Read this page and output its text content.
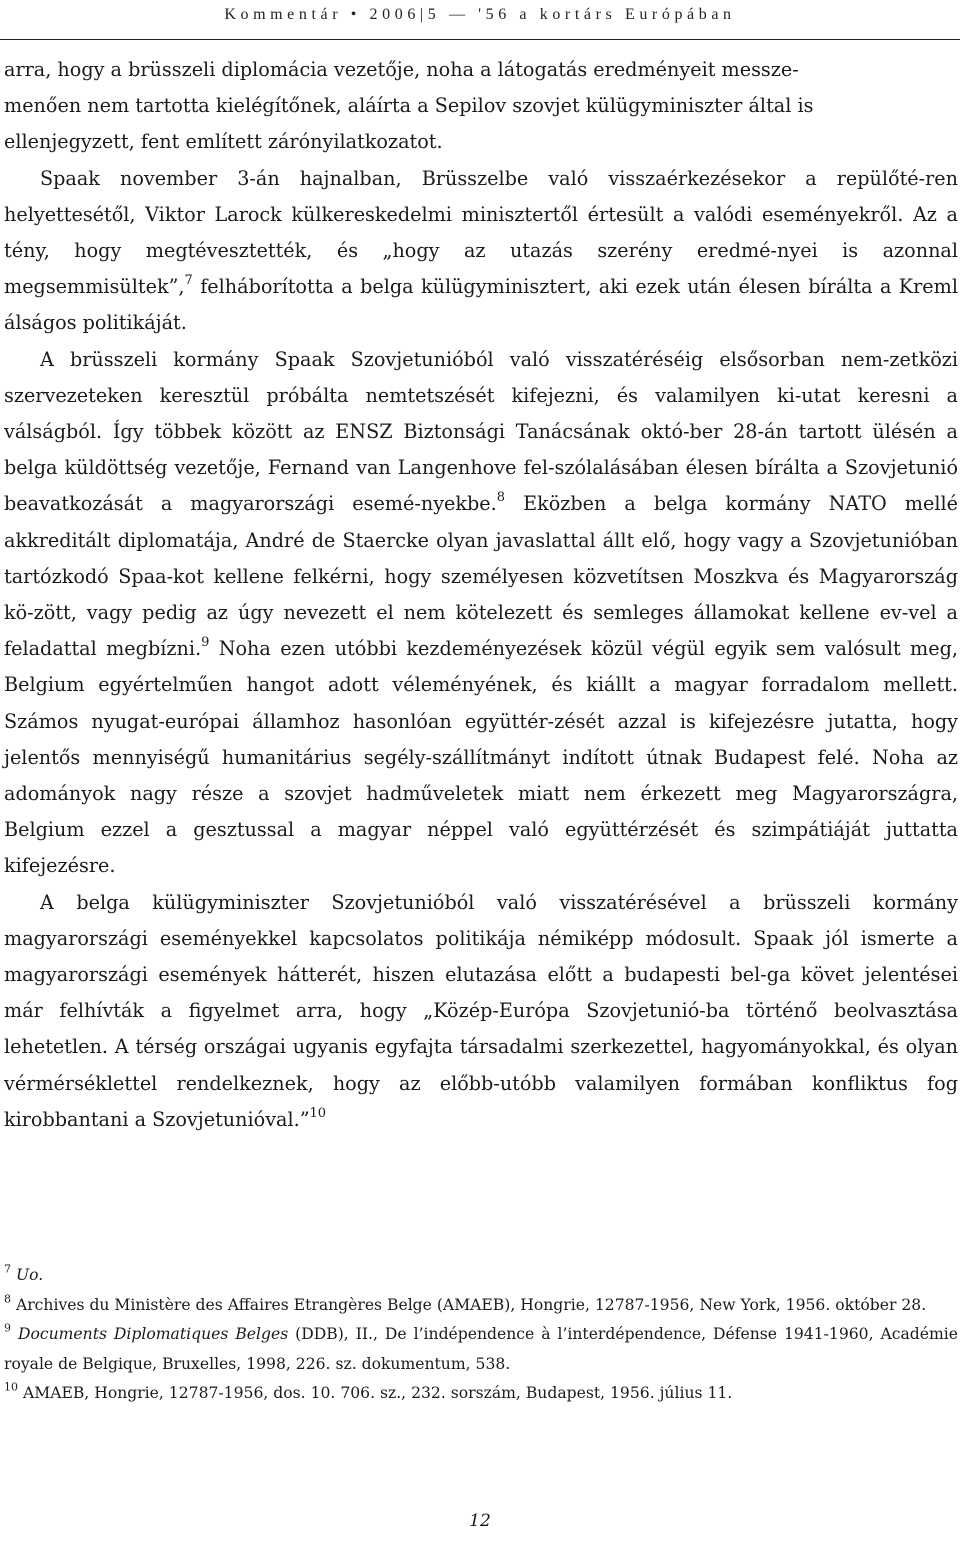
Kommentár • 2006|5 — '56 a kortárs Európában

arra, hogy a brüsszeli diplomácia vezetője, noha a látogatás eredményeit messze-
menően nem tartotta kielégítőnek, aláírta a Sepilov szovjet külügyminiszter által is
ellenjegyzett, fent említett zárónyilatkozatot.

Spaak november 3-án hajnalban, Brüsszelbe való visszaérkezésekor a repülőté-ren helyettesétől, Viktor Larock külkereskedelmi minisztertől értesült a valódi eseményekről. Az a tény, hogy megtévesztették, és „hogy az utazás szerény eredmé-nyei is azonnal megsemmisültek”,$^7$ felháborította a belga külügyminisztert, aki ezek után élesen bírálta a Kreml álságos politikáját.

A brüsszeli kormány Spaak Szovjetunióból való visszatéréséig elsősorban nem-zetközi szervezeteken keresztül próbálta nemtetszését kifejezni, és valamilyen ki-utat keresni a válságból. Így többek között az ENSZ Biztonsági Tanácsának októ-ber 28-án tartott ülésén a belga küldöttség vezetője, Fernand van Langenhove fel-szólalásában élesen bírálta a Szovjetunió beavatkozását a magyarországi esemé-nyekbe.$^8$ Eközben a belga kormány NATO mellé akkreditált diplomatája, André de Staercke olyan javaslattal állt elő, hogy vagy a Szovjetunióban tartózkodó Spaa-kot kellene felkérni, hogy személyesen közvetítsen Moszkva és Magyarország kö-zött, vagy pedig az úgy nevezett el nem kötelezett és semleges államokat kellene ev-vel a feladattal megbízni.$^9$ Noha ezen utóbbi kezdeményezések közül végül egyik sem valósult meg, Belgium egyértelműen hangot adott véleményének, és kiállt a magyar forradalom mellett. Számos nyugat-európai államhoz hasonlóan együttér-zését azzal is kifejezésre jutatta, hogy jelentős mennyiségű humanitárius segély-szállítmányt indított útnak Budapest felé. Noha az adományok nagy része a szovjet hadműveletek miatt nem érkezett meg Magyarországra, Belgium ezzel a gesztussal a magyar néppel való együttérzését és szimpátiáját juttatta kifejezésre.

A belga külügyminiszter Szovjetunióból való visszatérésével a brüsszeli kormány magyarországi eseményekkel kapcsolatos politikája némiképp módosult. Spaak jól ismerte a magyarországi események hátterét, hiszen elutazása előtt a budapesti bel-ga követ jelentései már felhívták a figyelmet arra, hogy „Közép-Európa Szovjetunió-ba történő beolvasztása lehetetlen. A térség országai ugyanis egyfajta társadalmi szerkezettel, hagyományokkal, és olyan vérmérséklettel rendelkeznek, hogy az előbb-utóbb valamilyen formában konfliktus fog kirobbantani a Szovjetunióval.”$^{10}$

$^7$ Uo.

$^8$ Archives du Ministère des Affaires Etrangères Belge (AMAEB), Hongrie, 12787-1956, New York, 1956. október 28.

$^9$ Documents Diplomatiques Belges (DDB), II., De l’indépendence à l’interdépendence, Défense 1941-1960, Académie royale de Belgique, Bruxelles, 1998, 226. sz. dokumentum, 538.

$^{10}$ AMAEB, Hongrie, 12787-1956, dos. 10. 706. sz., 232. sorszám, Budapest, 1956. július 11.

12
